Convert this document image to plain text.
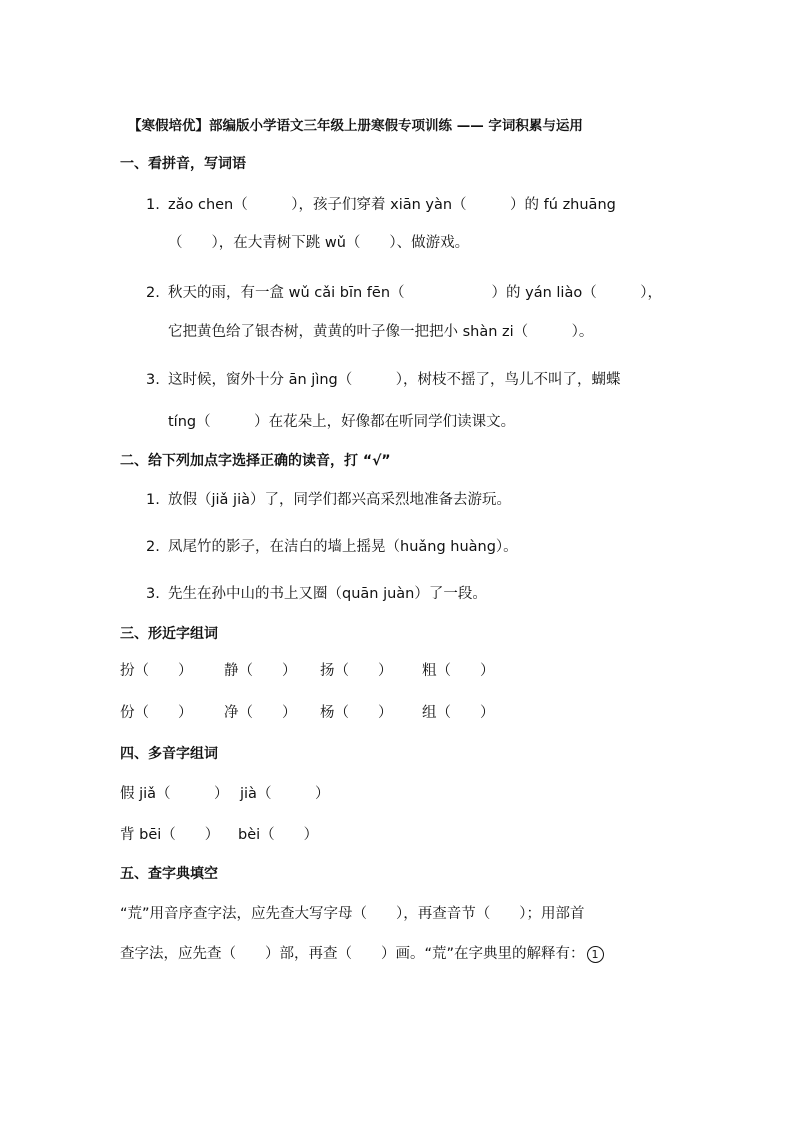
【寒假培优】部编版小学语文三年级上册寒假专项训练 —— 字词积累与运用
一、看拼音，写词语
1. zǎo chen（　　　），孩子们穿着 xiān yàn（　　　）的 fú zhuāng
（　　），在大青树下跳 wǔ（　　）、做游戏。
2. 秋天的雨，有一盒 wǔ cǎi bīn fēn（　　　　　　）的 yán liào（　　　），
它把黄色给了银杏树，黄黄的叶子像一把把小 shàn zi（　　　）。
3. 这时候，窗外十分 ān jìng（　　　），树枝不摇了，鸟儿不叫了，蝴蝶
tíng（　　　）在花朵上，好像都在听同学们读课文。
二、给下列加点字选择正确的读音，打 “√”
1. 放假（jiǎ jià）了，同学们都兴高采烈地准备去游玩。
2. 凤尾竹的影子，在洁白的墙上摇晃（huǎng huàng）。
3. 先生在孙中山的书上又圈（quān juàn）了一段。
三、形近字组词
扮（　　） 静（　　） 扬（　　） 粗（　　）
份（　　） 净（　　） 杨（　　） 组（　　）
四、多音字组词
假 jiǎ（　　　） jià（　　　）
背 bēi（　　） bèi（　　）
五、查字典填空
“荒”用音序查字法，应先查大写字母（　　），再查音节（　　）；用部首
查字法，应先查（　　）部，再查（　　）画。“荒”在字典里的解释有： 1
